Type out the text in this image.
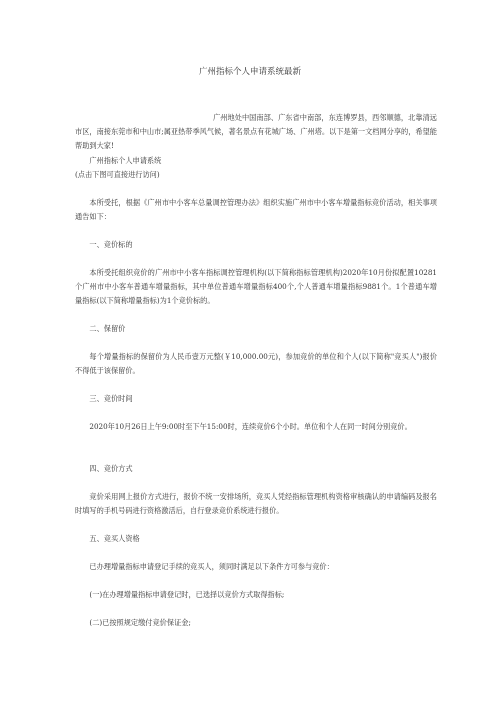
广州指标个人申请系统最新

广州地处中国南部、广东省中南部，东连博罗县，西邻顺德，北靠清远市区，南接东莞市和中山市;属亚热带季风气候，著名景点有花城广场、广州塔。以下是第一文档网分享的，希望能帮助到大家!

广州指标个人申请系统

(点击下图可直接进行访问)

本所受托，根据《广州市中小客车总量调控管理办法》组织实施广州市中小客车增量指标竞价活动，相关事项通告如下：

一、竞价标的

本所受托组织竞价的广州市中小客车指标调控管理机构(以下简称指标管理机构)2020年10月份拟配置10281个广州市中小客车普通车增量指标，其中单位普通车增量指标400个,个人普通车增量指标9881个。1个普通车增量指标(以下简称增量指标)为1个竞价标的。

二、保留价

每个增量指标的保留价为人民币壹万元整(￥10,000.00元)，参加竞价的单位和个人(以下简称"竞买人")报价不得低于该保留价。

三、竞价时间

2020年10月26日上午9:00时至下午15:00时，连续竞价6个小时。单位和个人在同一时间分别竞价。

四、竞价方式

竞价采用网上报价方式进行，报价不统一安排场所，竞买人凭经指标管理机构资格审核确认的申请编码及报名时填写的手机号码进行资格激活后，自行登录竞价系统进行报价。

五、竞买人资格

已办理增量指标申请登记手续的竞买人，须同时满足以下条件方可参与竞价：

(一)在办理增量指标申请登记时，已选择以竞价方式取得指标;

(二)已按照规定缴付竞价保证金;
